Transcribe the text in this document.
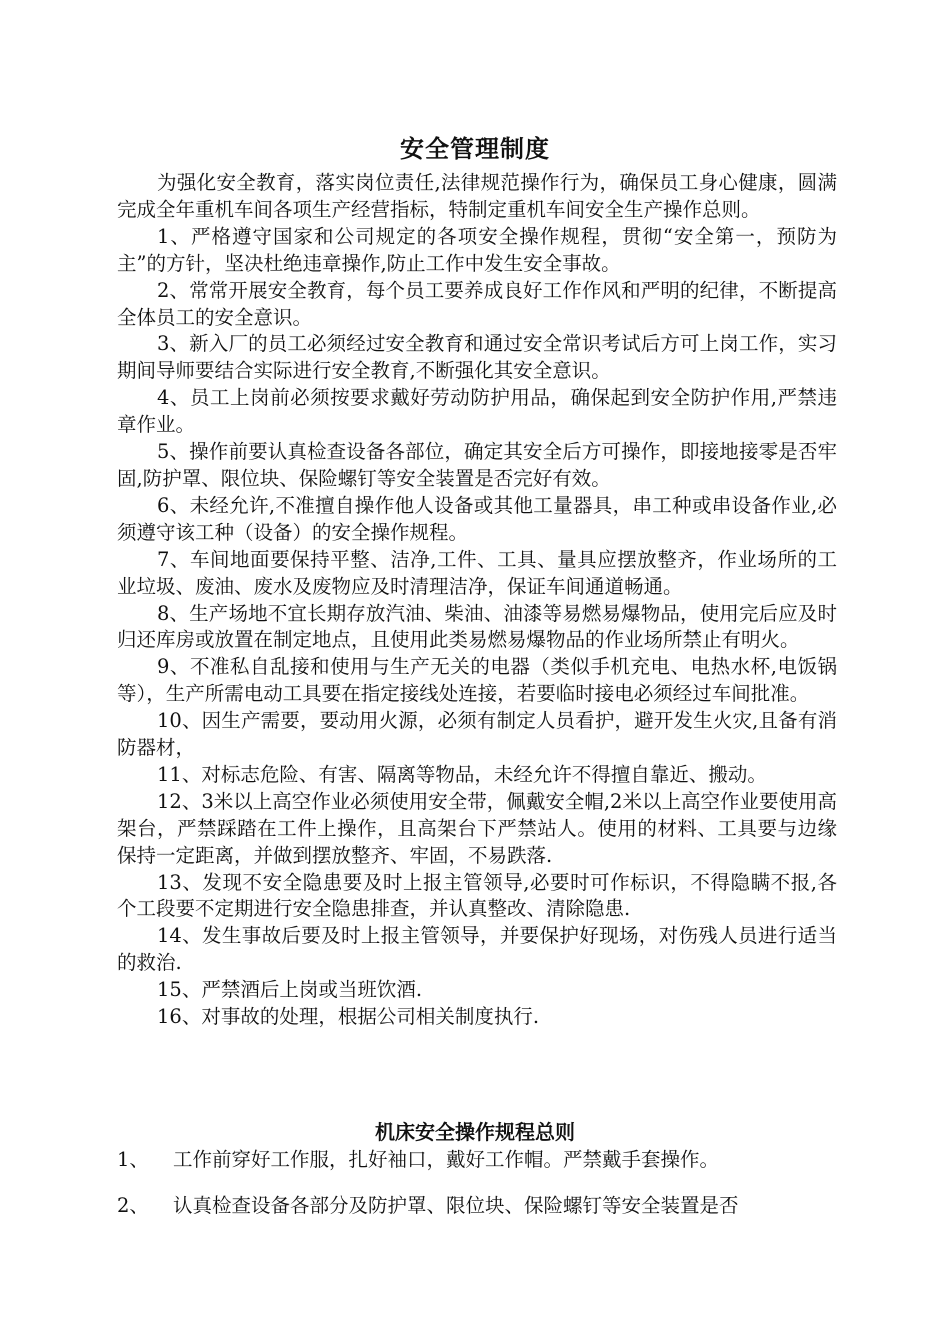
安全管理制度

为强化安全教育，落实岗位责任,法律规范操作行为，确保员工身心健康，圆满完成全年重机车间各项生产经营指标，特制定重机车间安全生产操作总则。

1、严格遵守国家和公司规定的各项安全操作规程，贯彻“安全第一，预防为主”的方针，坚决杜绝违章操作,防止工作中发生安全事故。

2、常常开展安全教育，每个员工要养成良好工作作风和严明的纪律，不断提高全体员工的安全意识。

3、新入厂的员工必须经过安全教育和通过安全常识考试后方可上岗工作，实习期间导师要结合实际进行安全教育,不断强化其安全意识。

4、员工上岗前必须按要求戴好劳动防护用品，确保起到安全防护作用,严禁违章作业。

5、操作前要认真检查设备各部位，确定其安全后方可操作，即接地接零是否牢固,防护罩、限位块、保险螺钉等安全装置是否完好有效。

6、未经允许,不准擅自操作他人设备或其他工量器具，串工种或串设备作业,必须遵守该工种（设备）的安全操作规程。

7、车间地面要保持平整、洁净,工件、工具、量具应摆放整齐，作业场所的工业垃圾、废油、废水及废物应及时清理洁净，保证车间通道畅通。

8、生产场地不宜长期存放汽油、柴油、油漆等易燃易爆物品，使用完后应及时归还库房或放置在制定地点，且使用此类易燃易爆物品的作业场所禁止有明火。

9、不准私自乱接和使用与生产无关的电器（类似手机充电、电热水杯,电饭锅等），生产所需电动工具要在指定接线处连接，若要临时接电必须经过车间批准。

10、因生产需要，要动用火源，必须有制定人员看护，避开发生火灾,且备有消防器材，

11、对标志危险、有害、隔离等物品，未经允许不得擅自靠近、搬动。

12、3米以上高空作业必须使用安全带，佩戴安全帽,2米以上高空作业要使用高架台，严禁踩踏在工件上操作，且高架台下严禁站人。使用的材料、工具要与边缘保持一定距离，并做到摆放整齐、牢固，不易跌落.

13、发现不安全隐患要及时上报主管领导,必要时可作标识，不得隐瞒不报,各个工段要不定期进行安全隐患排查，并认真整改、清除隐患.

14、发生事故后要及时上报主管领导，并要保护好现场，对伤残人员进行适当的救治.

15、严禁酒后上岗或当班饮酒.

16、对事故的处理，根据公司相关制度执行.

机床安全操作规程总则
1、 工作前穿好工作服，扎好袖口，戴好工作帽。严禁戴手套操作。
2、 认真检查设备各部分及防护罩、限位块、保险螺钉等安全装置是否
